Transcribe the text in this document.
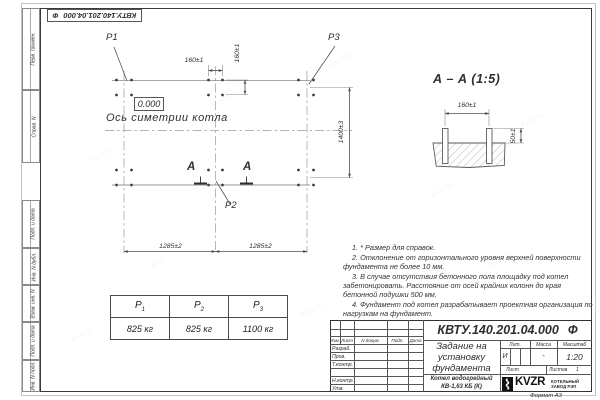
КВТУ.140.201.04.000
Ф
Перв. примен.
Справ. N
Подп. и дата
Инв. N дубл.
Взам. инв. N
Подп. и дата
Инв. N подл.
P1	P3
P2
0.000
Ось симетрии котла
160±1	160±1
1400±3
1285±2	1285±2
А	А
А – А (1:5)
160±1
50±1

1. * Размер для справок.

2. Отклонение от горизонтального уровня верхней поверхности фундамента не более 10 мм.

3. В случае отсутствия бетонного пола площадку под котел забетонировать. Расстояние от осей крайних колонн до края бетонной подушки 500 мм.

4. Фундамент под котел разрабатывает проектная организация по нагрузкам на фундамент.

$P_1$	$P_2$	$P_3$
825 кг	825 кг	1100 кг	КВТУ.140.201.04.000 Ф
Задание на
установку
фундамента
Котел водогрейный
КВ-1,63 КБ (К)
Изм. Лист	N докум.	Подп.	Дата
Разраб.
Пров.
Т.контр.
Н.контр.
Утв.
Лит.	Масса	Масштаб
И	-	1:20
Лист	Листов 1
KVZR КОТЕЛЬНЫЙ
ЗАВОД РЭП
Формат А3
